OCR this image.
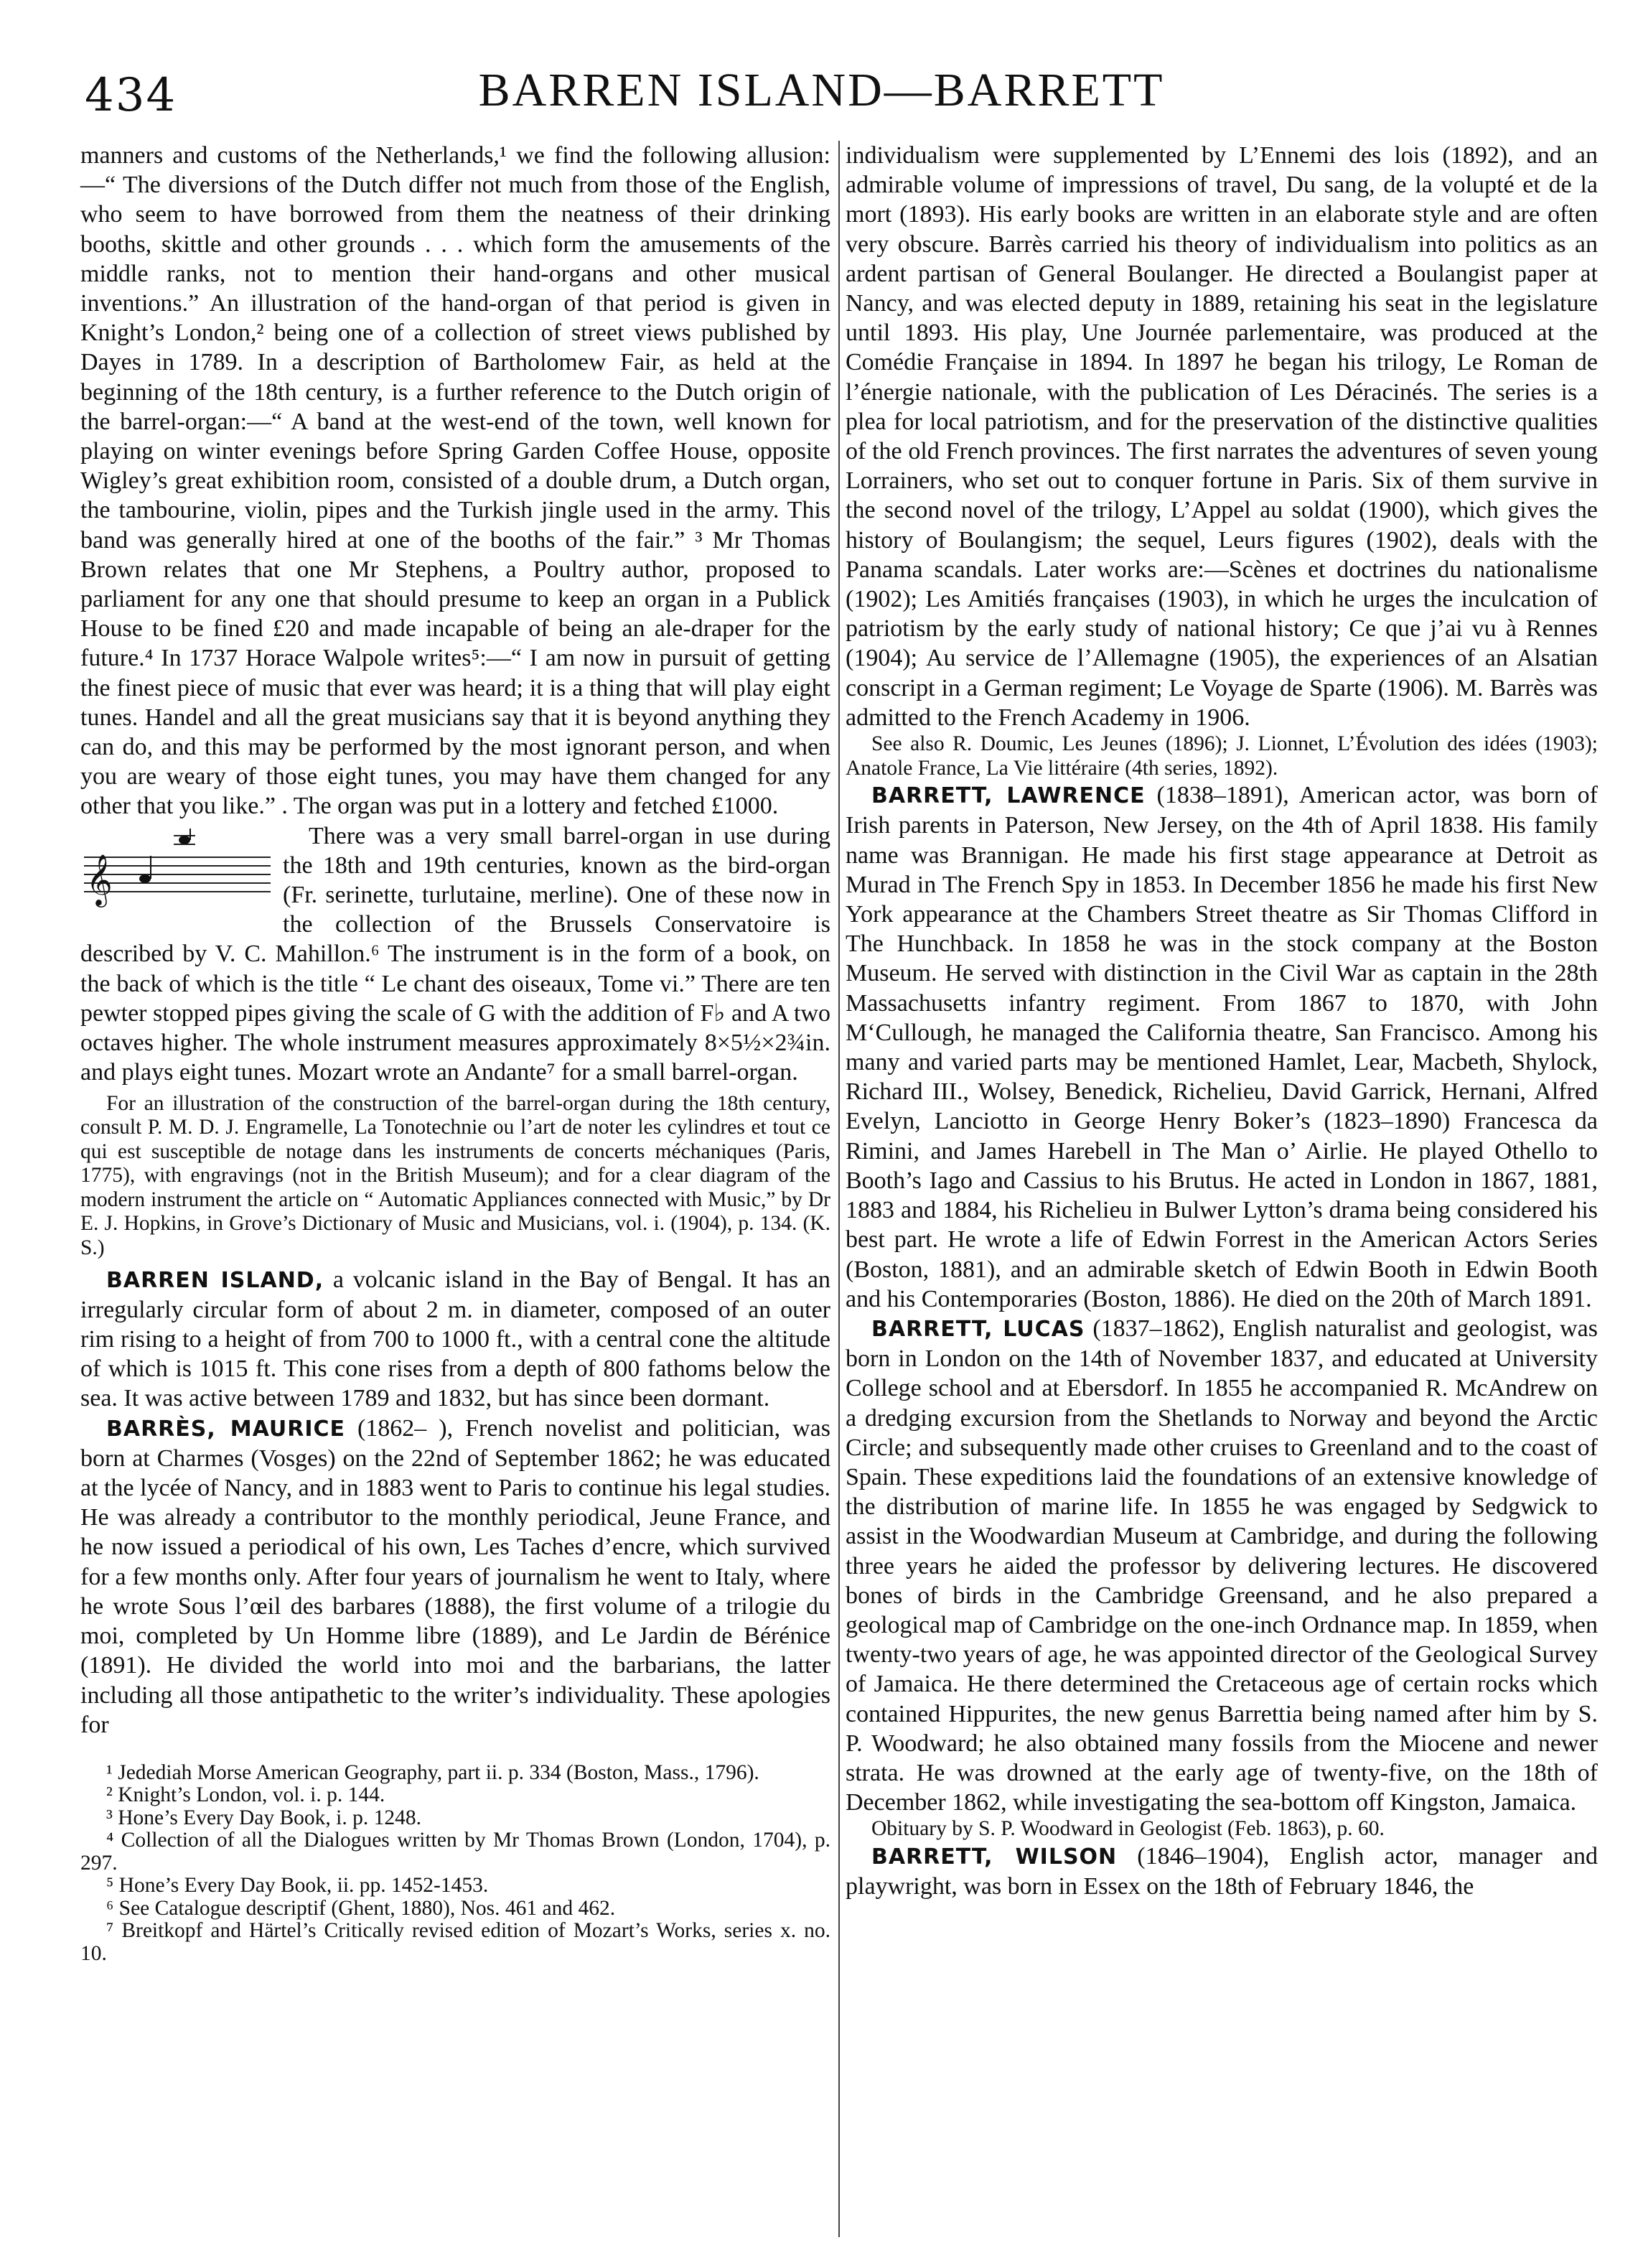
434	BARREN ISLAND—BARRETT

manners and customs of the Netherlands,¹ we find the following allusion:—“ The diversions of the Dutch differ not much from those of the English, who seem to have borrowed from them the neatness of their drinking booths, skittle and other grounds . . . which form the amusements of the middle ranks, not to mention their hand-organs and other musical inventions.” An illustration of the hand-organ of that period is given in Knight’s London,² being one of a collection of street views published by Dayes in 1789. In a description of Bartholomew Fair, as held at the beginning of the 18th century, is a further reference to the Dutch origin of the barrel-organ:—“ A band at the west-end of the town, well known for playing on winter evenings before Spring Garden Coffee House, opposite Wigley’s great exhibition room, consisted of a double drum, a Dutch organ, the tambourine, violin, pipes and the Turkish jingle used in the army. This band was generally hired at one of the booths of the fair.” ³ Mr Thomas Brown relates that one Mr Stephens, a Poultry author, proposed to parliament for any one that should presume to keep an organ in a Publick House to be fined £20 and made incapable of being an ale-draper for the future.⁴ In 1737 Horace Walpole writes⁵:—“ I am now in pursuit of getting the finest piece of music that ever was heard; it is a thing that will play eight tunes. Handel and all the great musicians say that it is beyond anything they can do, and this may be performed by the most ignorant person, and when you are weary of those eight tunes, you may have them changed for any other that you like.” . The organ was put in a lottery and fetched £1000.

𝄞

There was a very small barrel-organ in use during the 18th and 19th centuries, known as the bird-organ (Fr. serinette, turlutaine, merline). One of these now in the collection of the Brussels Conservatoire is described by V. C. Mahillon.⁶ The instrument is in the form of a book, on the back of which is the title “ Le chant des oiseaux, Tome vi.” There are ten pewter stopped pipes giving the scale of G with the addition of F♭ and A two octaves higher. The whole instrument measures approximately 8×5½×2¾in. and plays eight tunes. Mozart wrote an Andante⁷ for a small barrel-organ.

For an illustration of the construction of the barrel-organ during the 18th century, consult P. M. D. J. Engramelle, La Tonotechnie ou l’art de noter les cylindres et tout ce qui est susceptible de notage dans les instruments de concerts méchaniques (Paris, 1775), with engravings (not in the British Museum); and for a clear diagram of the modern instrument the article on “ Automatic Appliances connected with Music,” by Dr E. J. Hopkins, in Grove’s Dictionary of Music and Musicians, vol. i. (1904), p. 134. (K. S.)

BARREN ISLAND, a volcanic island in the Bay of Bengal. It has an irregularly circular form of about 2 m. in diameter, composed of an outer rim rising to a height of from 700 to 1000 ft., with a central cone the altitude of which is 1015 ft. This cone rises from a depth of 800 fathoms below the sea. It was active between 1789 and 1832, but has since been dormant.

BARRÈS, MAURICE (1862– ), French novelist and politician, was born at Charmes (Vosges) on the 22nd of September 1862; he was educated at the lycée of Nancy, and in 1883 went to Paris to continue his legal studies. He was already a contributor to the monthly periodical, Jeune France, and he now issued a periodical of his own, Les Taches d’encre, which survived for a few months only. After four years of journalism he went to Italy, where he wrote Sous l’œil des barbares (1888), the first volume of a trilogie du moi, completed by Un Homme libre (1889), and Le Jardin de Bérénice (1891). He divided the world into moi and the barbarians, the latter including all those antipathetic to the writer’s individuality. These apologies for

¹ Jedediah Morse American Geography, part ii. p. 334 (Boston, Mass., 1796).

² Knight’s London, vol. i. p. 144.

³ Hone’s Every Day Book, i. p. 1248.

⁴ Collection of all the Dialogues written by Mr Thomas Brown (London, 1704), p. 297.

⁵ Hone’s Every Day Book, ii. pp. 1452-1453.

⁶ See Catalogue descriptif (Ghent, 1880), Nos. 461 and 462.

⁷ Breitkopf and Härtel’s Critically revised edition of Mozart’s Works, series x. no. 10.

individualism were supplemented by L’Ennemi des lois (1892), and an admirable volume of impressions of travel, Du sang, de la volupté et de la mort (1893). His early books are written in an elaborate style and are often very obscure. Barrès carried his theory of individualism into politics as an ardent partisan of General Boulanger. He directed a Boulangist paper at Nancy, and was elected deputy in 1889, retaining his seat in the legislature until 1893. His play, Une Journée parlementaire, was produced at the Comédie Française in 1894. In 1897 he began his trilogy, Le Roman de l’énergie nationale, with the publication of Les Déracinés. The series is a plea for local patriotism, and for the preservation of the distinctive qualities of the old French provinces. The first narrates the adventures of seven young Lorrainers, who set out to conquer fortune in Paris. Six of them survive in the second novel of the trilogy, L’Appel au soldat (1900), which gives the history of Boulangism; the sequel, Leurs figures (1902), deals with the Panama scandals. Later works are:—Scènes et doctrines du nationalisme (1902); Les Amitiés françaises (1903), in which he urges the inculcation of patriotism by the early study of national history; Ce que j’ai vu à Rennes (1904); Au service de l’Allemagne (1905), the experiences of an Alsatian conscript in a German regiment; Le Voyage de Sparte (1906). M. Barrès was admitted to the French Academy in 1906.

See also R. Doumic, Les Jeunes (1896); J. Lionnet, L’Évolution des idées (1903); Anatole France, La Vie littéraire (4th series, 1892).

BARRETT, LAWRENCE (1838–1891), American actor, was born of Irish parents in Paterson, New Jersey, on the 4th of April 1838. His family name was Brannigan. He made his first stage appearance at Detroit as Murad in The French Spy in 1853. In December 1856 he made his first New York appearance at the Chambers Street theatre as Sir Thomas Clifford in The Hunchback. In 1858 he was in the stock company at the Boston Museum. He served with distinction in the Civil War as captain in the 28th Massachusetts infantry regiment. From 1867 to 1870, with John M‘Cullough, he managed the California theatre, San Francisco. Among his many and varied parts may be mentioned Hamlet, Lear, Macbeth, Shylock, Richard III., Wolsey, Benedick, Richelieu, David Garrick, Hernani, Alfred Evelyn, Lanciotto in George Henry Boker’s (1823–1890) Francesca da Rimini, and James Harebell in The Man o’ Airlie. He played Othello to Booth’s Iago and Cassius to his Brutus. He acted in London in 1867, 1881, 1883 and 1884, his Richelieu in Bulwer Lytton’s drama being considered his best part. He wrote a life of Edwin Forrest in the American Actors Series (Boston, 1881), and an admirable sketch of Edwin Booth in Edwin Booth and his Contemporaries (Boston, 1886). He died on the 20th of March 1891.

BARRETT, LUCAS (1837–1862), English naturalist and geologist, was born in London on the 14th of November 1837, and educated at University College school and at Ebersdorf. In 1855 he accompanied R. McAndrew on a dredging excursion from the Shetlands to Norway and beyond the Arctic Circle; and subsequently made other cruises to Greenland and to the coast of Spain. These expeditions laid the foundations of an extensive knowledge of the distribution of marine life. In 1855 he was engaged by Sedgwick to assist in the Woodwardian Museum at Cambridge, and during the following three years he aided the professor by delivering lectures. He discovered bones of birds in the Cambridge Greensand, and he also prepared a geological map of Cambridge on the one-inch Ordnance map. In 1859, when twenty-two years of age, he was appointed director of the Geological Survey of Jamaica. He there determined the Cretaceous age of certain rocks which contained Hippurites, the new genus Barrettia being named after him by S. P. Woodward; he also obtained many fossils from the Miocene and newer strata. He was drowned at the early age of twenty-five, on the 18th of December 1862, while investigating the sea-bottom off Kingston, Jamaica.

Obituary by S. P. Woodward in Geologist (Feb. 1863), p. 60.

BARRETT, WILSON (1846–1904), English actor, manager and playwright, was born in Essex on the 18th of February 1846, the
